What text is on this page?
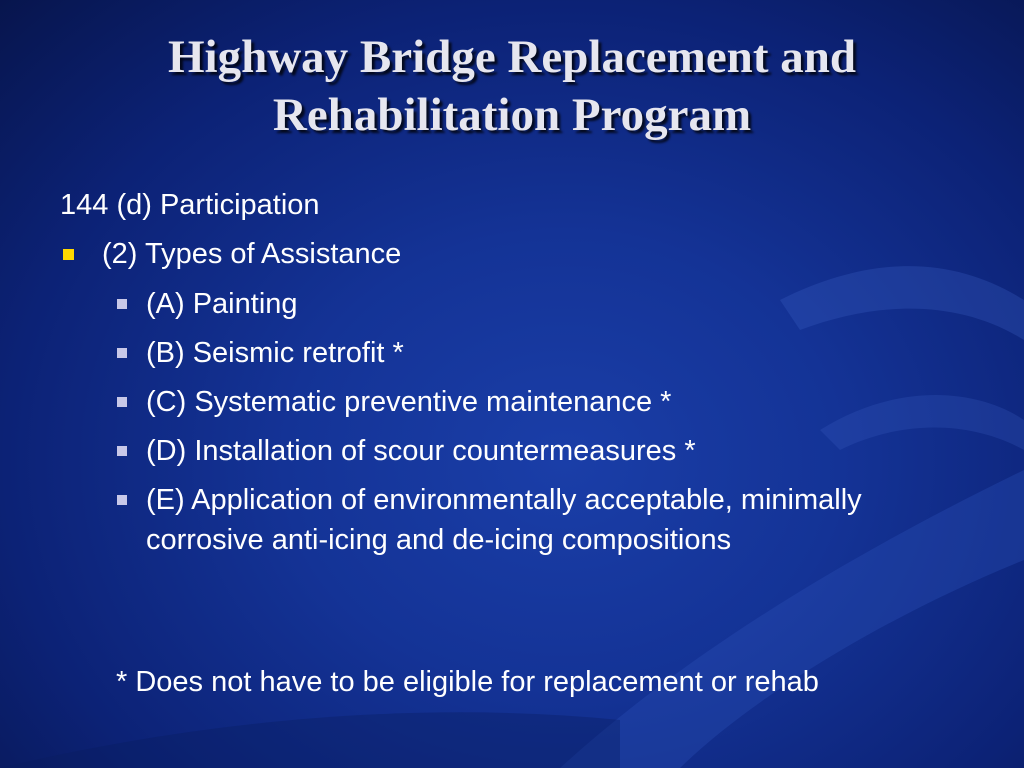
Highway Bridge Replacement and
Rehabilitation Program
144 (d) Participation
(2) Types of Assistance
(A) Painting
(B) Seismic retrofit *
(C) Systematic preventive maintenance *
(D) Installation of scour countermeasures *
(E) Application of environmentally acceptable, minimally corrosive anti-icing and de-icing compositions
* Does not have to be eligible for replacement or rehab
